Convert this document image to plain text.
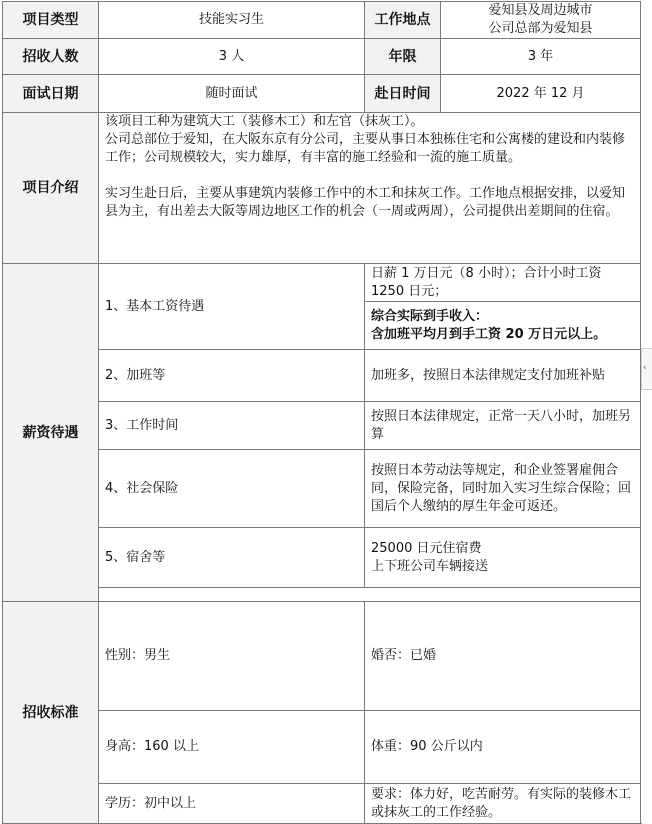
项目类型	技能实习生	工作地点	爱知县及周边城市
公司总部为爱知县	

招收人数	3 人	年限	3 年	
面试日期	随时面试	赴日时间	2022 年 12 月	
项目介绍	该项目工种为建筑大工（装修木工）和左官（抹灰工）。
公司总部位于爱知，在大阪东京有分公司，主要从事日本独栋住宅和公寓楼的建设和内装修工作；公司规模较大，实力雄厚，有丰富的施工经验和一流的施工质量。
实习生赴日后，主要从事建筑内装修工作中的木工和抹灰工作。工作地点根据安排，以爱知县为主，有出差去大阪等周边地区工作的机会（一周或两周），公司提供出差期间的住宿。			

薪资待遇	1、基本工资待遇	日薪 1 万日元（8 小时）；合计小时工资 1250 日元；		

		综合实际到手收入：
含加班平均月到手工资 20 万日元以上。		

	2、加班等	加班多，按照日本法律规定支付加班补贴		
	3、工作时间	按照日本法律规定，正常一天八小时，加班另算		
	4、社会保险	按照日本劳动法等规定，和企业签署雇佣合同，保险完备，同时加入实习生综合保险；回国后个人缴纳的厚生年金可返还。		
	5、宿舍等	25000 日元住宿费
上下班公司车辆接送		

招收标准	性别：男生	婚否：已婚	
	身高：160 以上	体重：90 公斤以内	
	学历：初中以上	要求：体力好，吃苦耐劳。有实际的装修木工或抹灰工的工作经验。		
‹
